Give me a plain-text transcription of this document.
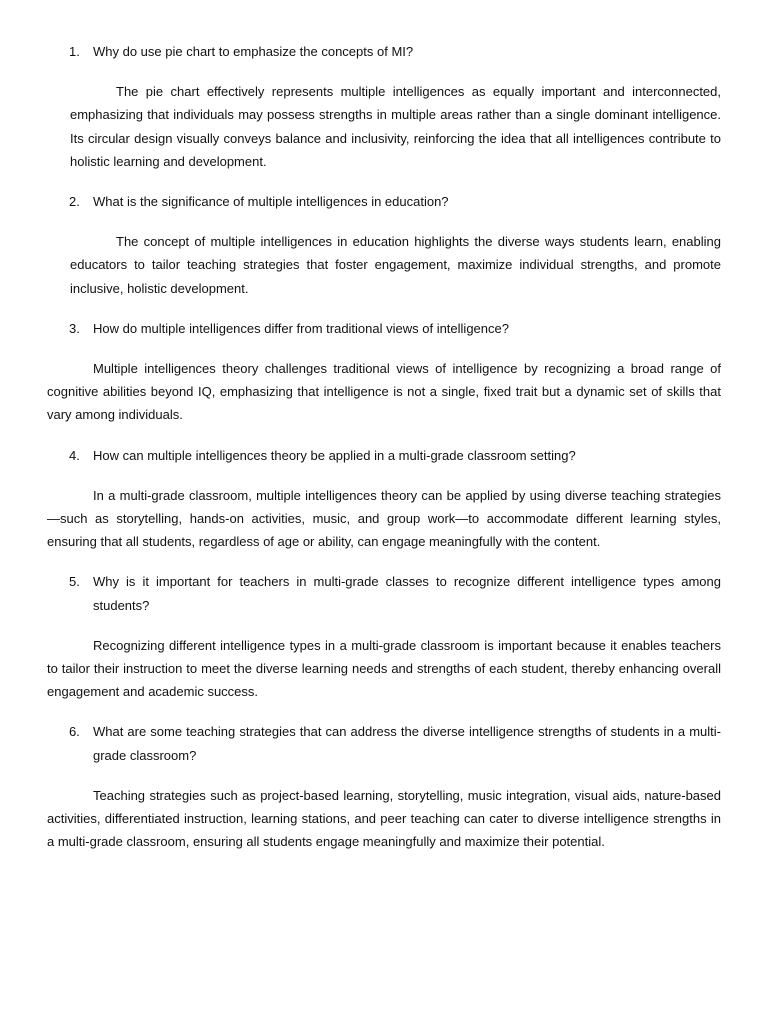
1. Why do use pie chart to emphasize the concepts of MI?

The pie chart effectively represents multiple intelligences as equally important and interconnected, emphasizing that individuals may possess strengths in multiple areas rather than a single dominant intelligence. Its circular design visually conveys balance and inclusivity, reinforcing the idea that all intelligences contribute to holistic learning and development.

2. What is the significance of multiple intelligences in education?

The concept of multiple intelligences in education highlights the diverse ways students learn, enabling educators to tailor teaching strategies that foster engagement, maximize individual strengths, and promote inclusive, holistic development.

3. How do multiple intelligences differ from traditional views of intelligence?

Multiple intelligences theory challenges traditional views of intelligence by recognizing a broad range of cognitive abilities beyond IQ, emphasizing that intelligence is not a single, fixed trait but a dynamic set of skills that vary among individuals.

4. How can multiple intelligences theory be applied in a multi-grade classroom setting?

In a multi-grade classroom, multiple intelligences theory can be applied by using diverse teaching strategies—such as storytelling, hands-on activities, music, and group work—to accommodate different learning styles, ensuring that all students, regardless of age or ability, can engage meaningfully with the content.

5. Why is it important for teachers in multi-grade classes to recognize different intelligence types among students?

Recognizing different intelligence types in a multi-grade classroom is important because it enables teachers to tailor their instruction to meet the diverse learning needs and strengths of each student, thereby enhancing overall engagement and academic success.

6. What are some teaching strategies that can address the diverse intelligence strengths of students in a multi-grade classroom?

Teaching strategies such as project-based learning, storytelling, music integration, visual aids, nature-based activities, differentiated instruction, learning stations, and peer teaching can cater to diverse intelligence strengths in a multi-grade classroom, ensuring all students engage meaningfully and maximize their potential.
